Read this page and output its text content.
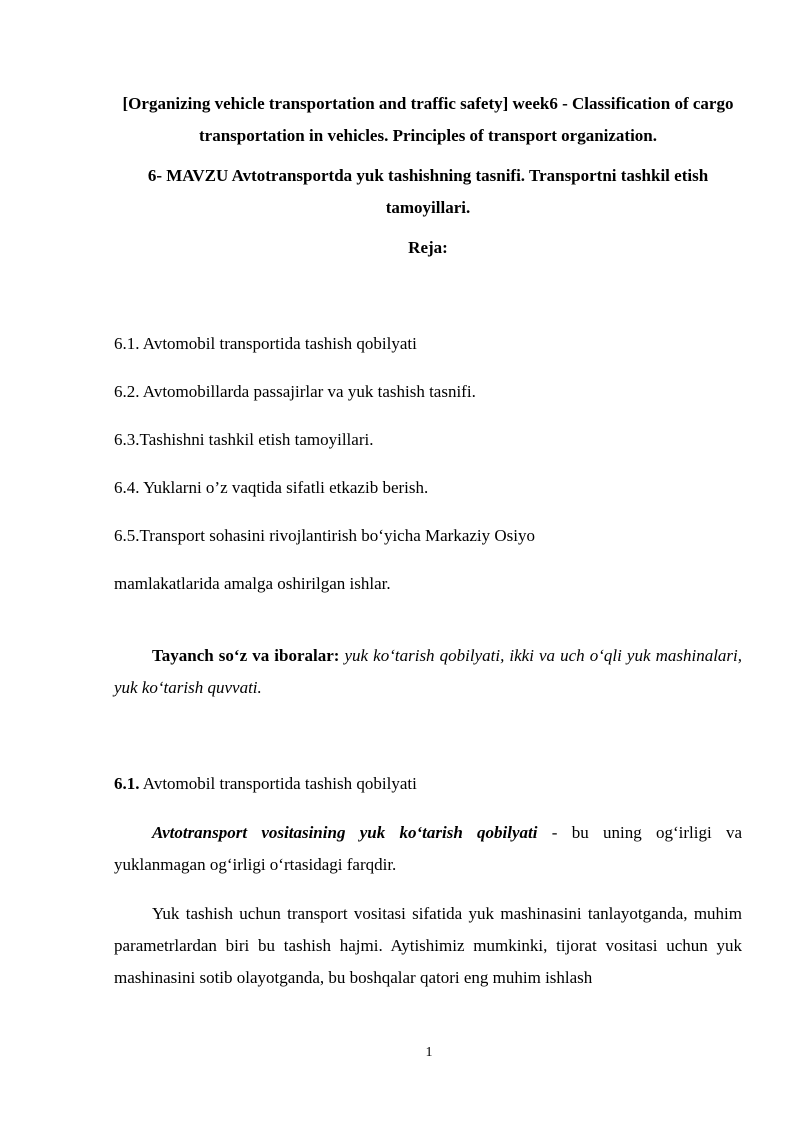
[Organizing vehicle transportation and traffic safety] week6 - Classification of cargo transportation in vehicles. Principles of transport organization.

6- MAVZU Avtotransportda yuk tashishning tasnifi. Transportni tashkil etish tamoyillari.

Reja:

6.1. Avtomobil transportida tashish qobilyati

6.2. Avtomobillarda passajirlar va yuk tashish tasnifi.

6.3.Tashishni tashkil etish tamoyillari.

6.4. Yuklarni o’z vaqtida sifatli etkazib berish.

6.5.Transport sohasini rivojlantirish bo‘yicha Markaziy Osiyo

mamlakatlarida amalga oshirilgan ishlar.

Tayanch so‘z va iboralar: yuk ko‘tarish qobilyati, ikki va uch o‘qli yuk mashinalari, yuk ko‘tarish quvvati.

6.1. Avtomobil transportida tashish qobilyati

Avtotransport vositasining yuk ko‘tarish qobilyati - bu uning og‘irligi va yuklanmagan og‘irligi o‘rtasidagi farqdir.

Yuk tashish uchun transport vositasi sifatida yuk mashinasini tanlayotganda, muhim parametrlardan biri bu tashish hajmi. Aytishimiz mumkinki, tijorat vositasi uchun yuk mashinasini sotib olayotganda, bu boshqalar qatori eng muhim ishlash

1
